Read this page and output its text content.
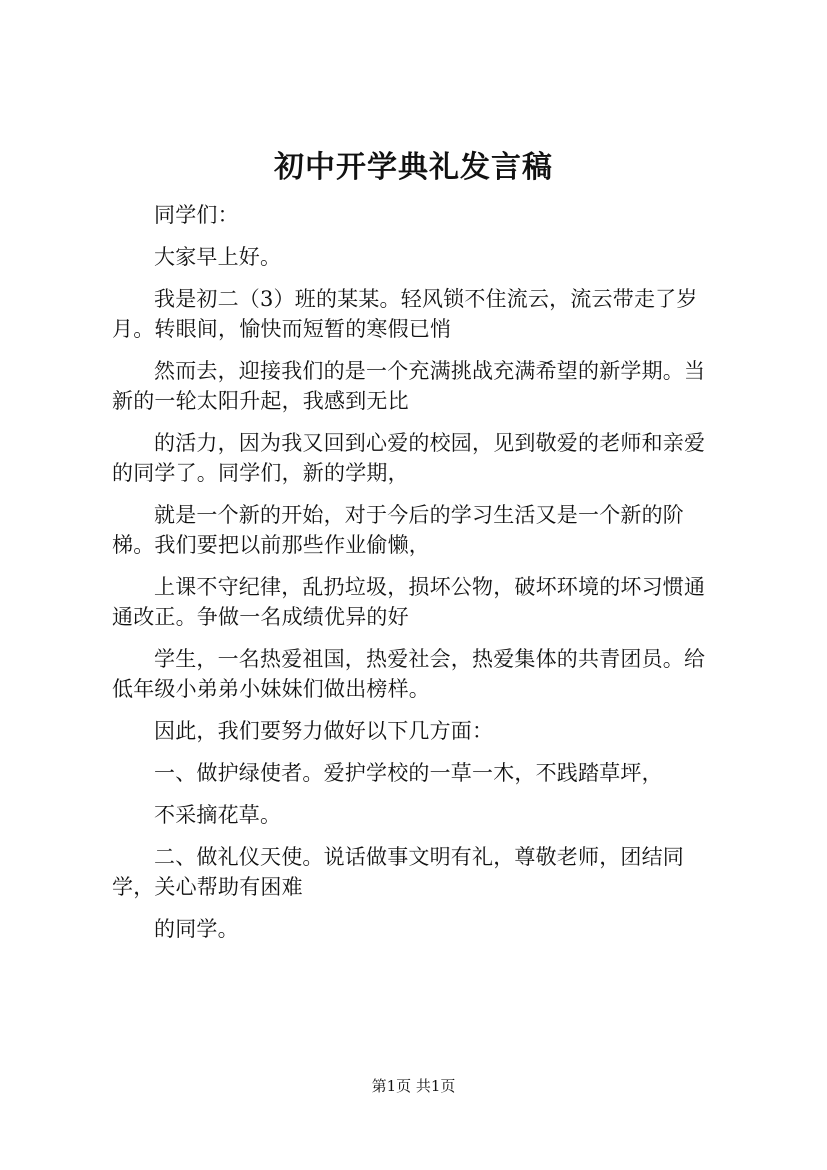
初中开学典礼发言稿

同学们：

大家早上好。

我是初二（3）班的某某。轻风锁不住流云，流云带走了岁月。转眼间，愉快而短暂的寒假已悄

然而去，迎接我们的是一个充满挑战充满希望的新学期。当新的一轮太阳升起，我感到无比

的活力，因为我又回到心爱的校园，见到敬爱的老师和亲爱的同学了。同学们，新的学期，

就是一个新的开始，对于今后的学习生活又是一个新的阶梯。我们要把以前那些作业偷懒，

上课不守纪律，乱扔垃圾，损坏公物，破坏环境的坏习惯通通改正。争做一名成绩优异的好

学生，一名热爱祖国，热爱社会，热爱集体的共青团员。给低年级小弟弟小妹妹们做出榜样。

因此，我们要努力做好以下几方面：

一、做护绿使者。爱护学校的一草一木，不践踏草坪，

不采摘花草。

二、做礼仪天使。说话做事文明有礼，尊敬老师，团结同学，关心帮助有困难

的同学。

第1页 共1页
